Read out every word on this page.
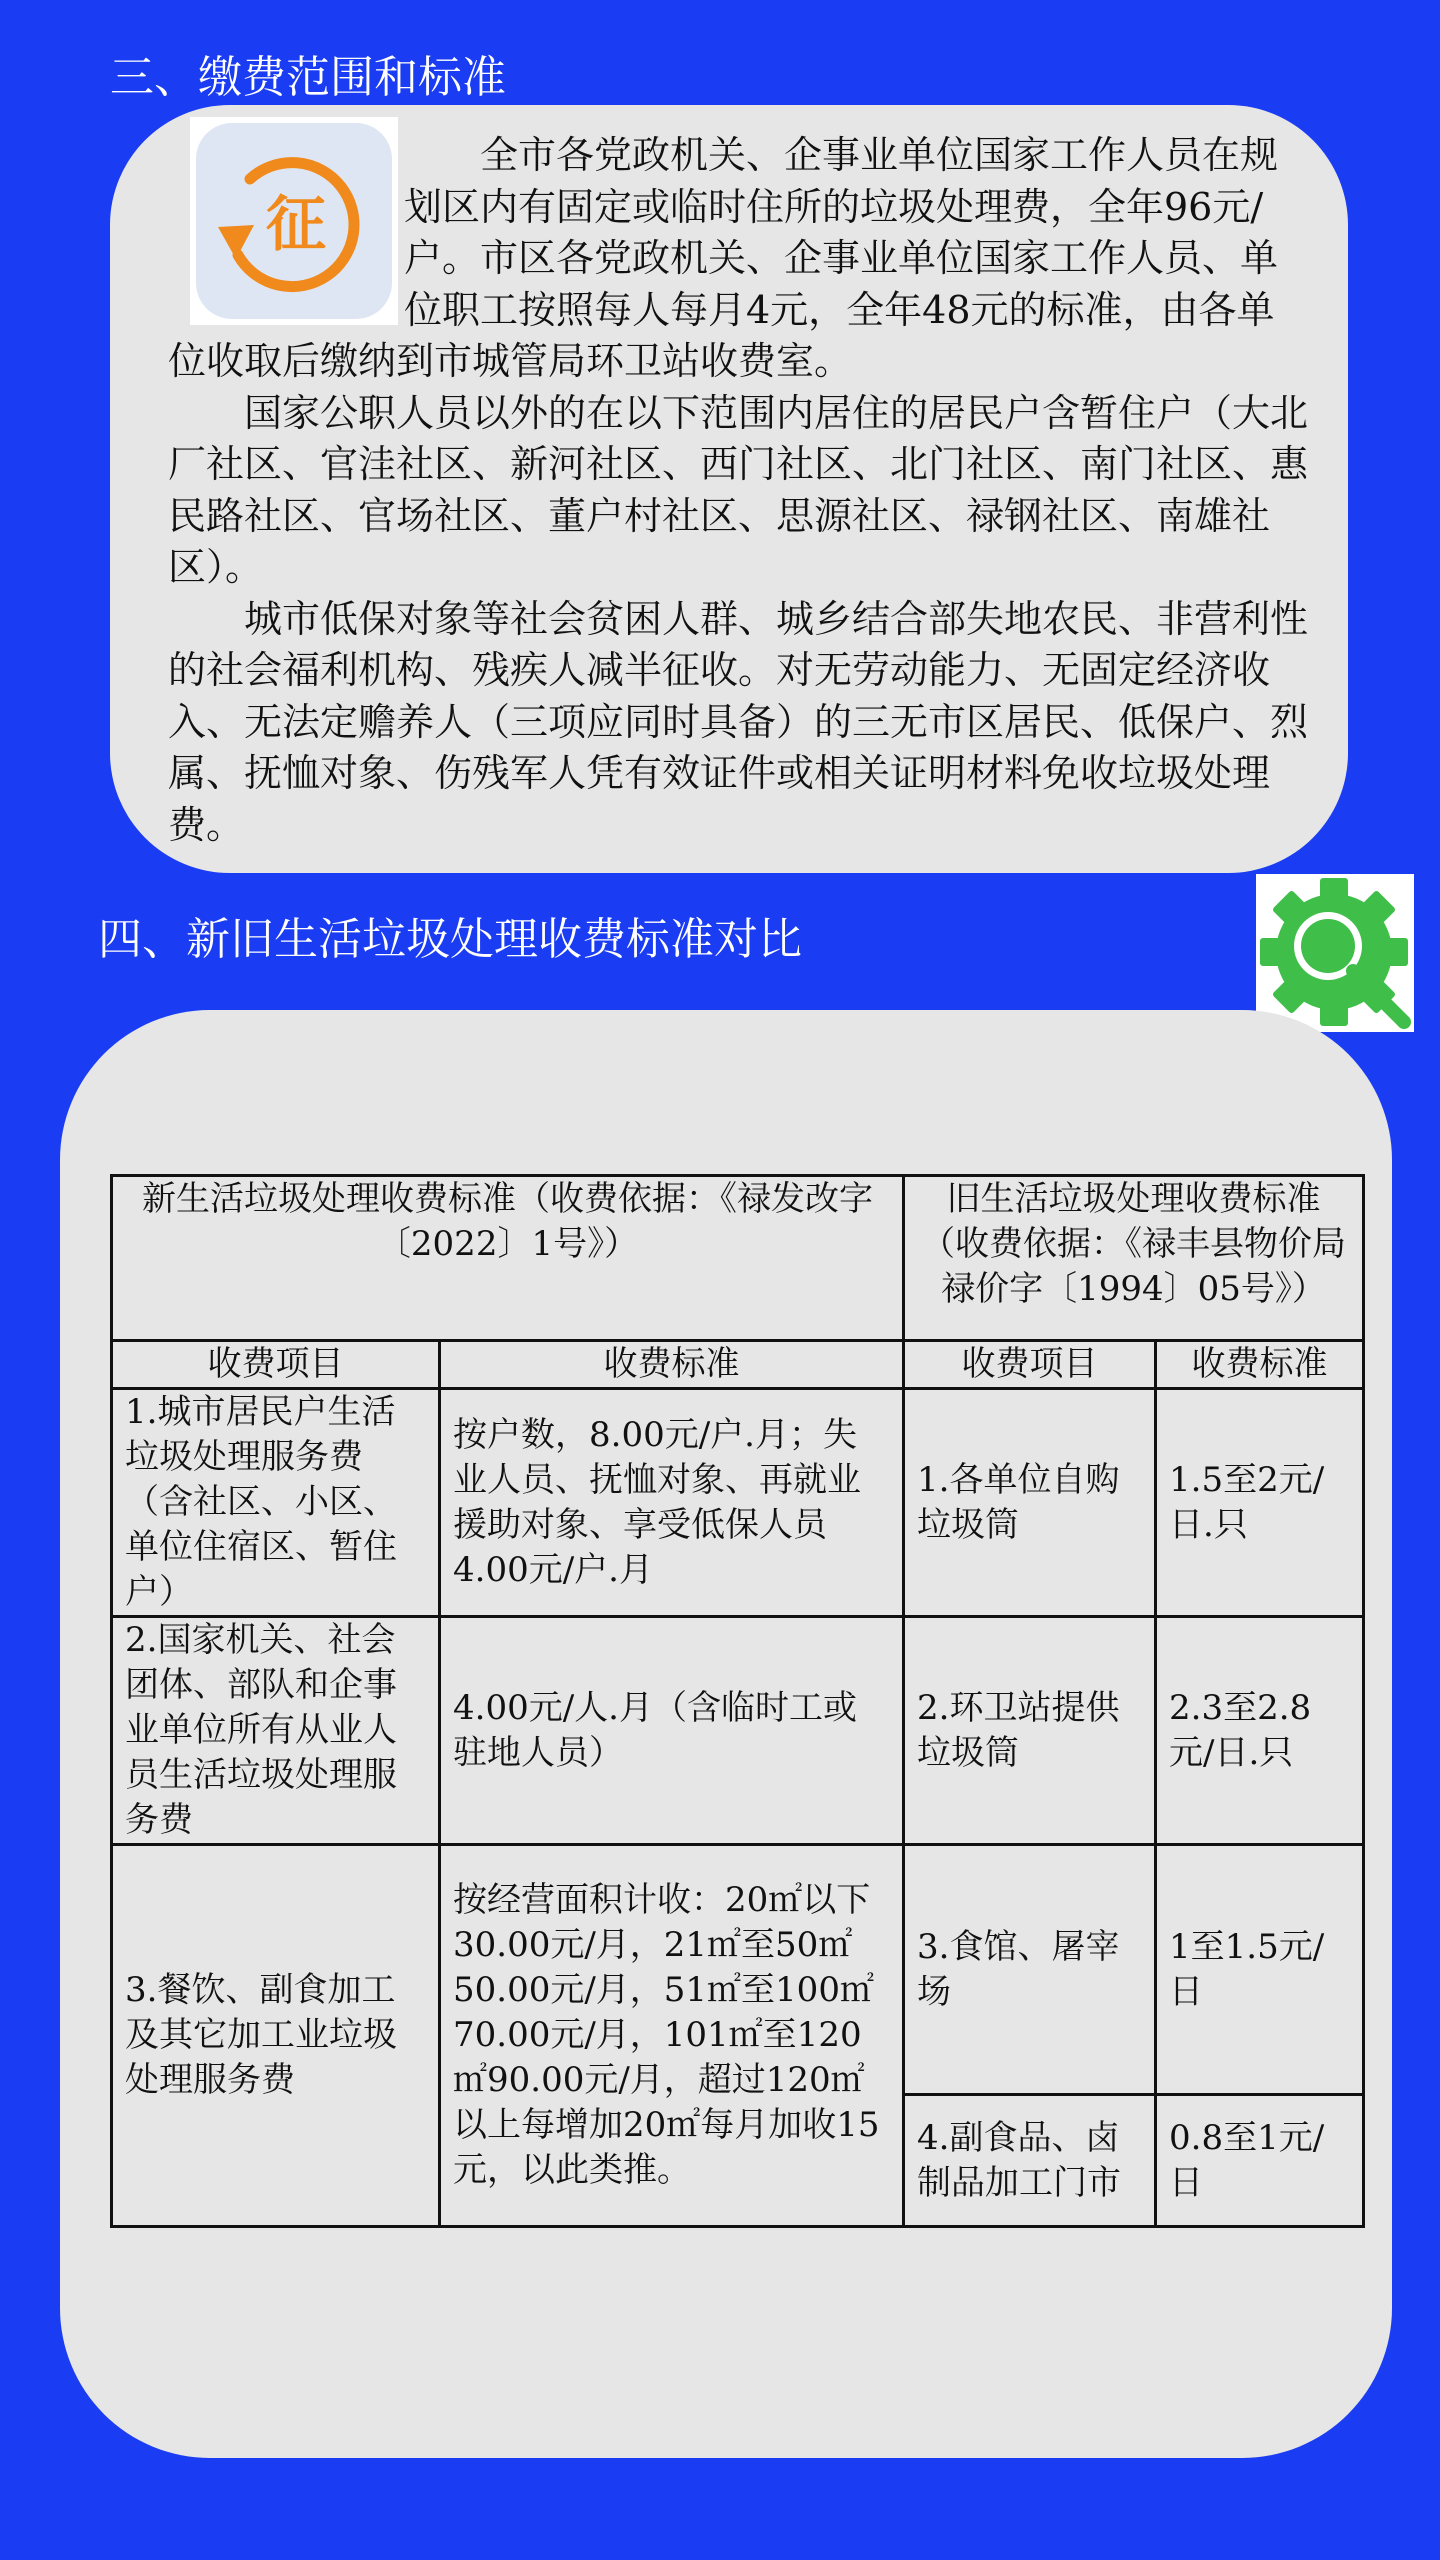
三、缴费范围和标准
征

全市各党政机关、企事业单位国家工作人员在规划区内有固定或临时住所的垃圾处理费，全年96元/户。市区各党政机关、企事业单位国家工作人员、单位职工按照每人每月4元，全年48元的标准，由各单位收取后缴纳到市城管局环卫站收费室。

国家公职人员以外的在以下范围内居住的居民户含暂住户（大北厂社区、官洼社区、新河社区、西门社区、北门社区、南门社区、惠民路社区、官场社区、董户村社区、思源社区、禄钢社区、南雄社区）。

城市低保对象等社会贫困人群、城乡结合部失地农民、非营利性的社会福利机构、残疾人减半征收。对无劳动能力、无固定经济收入、无法定赡养人（三项应同时具备）的三无市区居民、低保户、烈属、抚恤对象、伤残军人凭有效证件或相关证明材料免收垃圾处理费。

四、新旧生活垃圾处理收费标准对比
新生活垃圾处理收费标准（收费依据：《禄发改字〔2022〕1号》）		旧生活垃圾处理收费标准（收费依据：《禄丰县物价局禄价字〔1994〕05号》）	
收费项目	收费标准	收费项目	收费标准
1.城市居民户生活垃圾处理服务费（含社区、小区、单位住宿区、暂住户）	按户数，8.00元/户.月；失业人员、抚恤对象、再就业援助对象、享受低保人员4.00元/户.月	1.各单位自购垃圾筒	1.5至2元/日.只
2.国家机关、社会团体、部队和企事业单位所有从业人员生活垃圾处理服务费	4.00元/人.月（含临时工或驻地人员）	2.环卫站提供垃圾筒	2.3至2.8元/日.只
3.餐饮、副食加工及其它加工业垃圾处理服务费	按经营面积计收：20㎡以下30.00元/月，21㎡至50㎡50.00元/月，51㎡至100㎡70.00元/月，101㎡至120㎡90.00元/月，超过120㎡以上每增加20㎡每月加收15元，以此类推。	3.食馆、屠宰场	1至1.5元/日
		4.副食品、卤制品加工门市	0.8至1元/日
